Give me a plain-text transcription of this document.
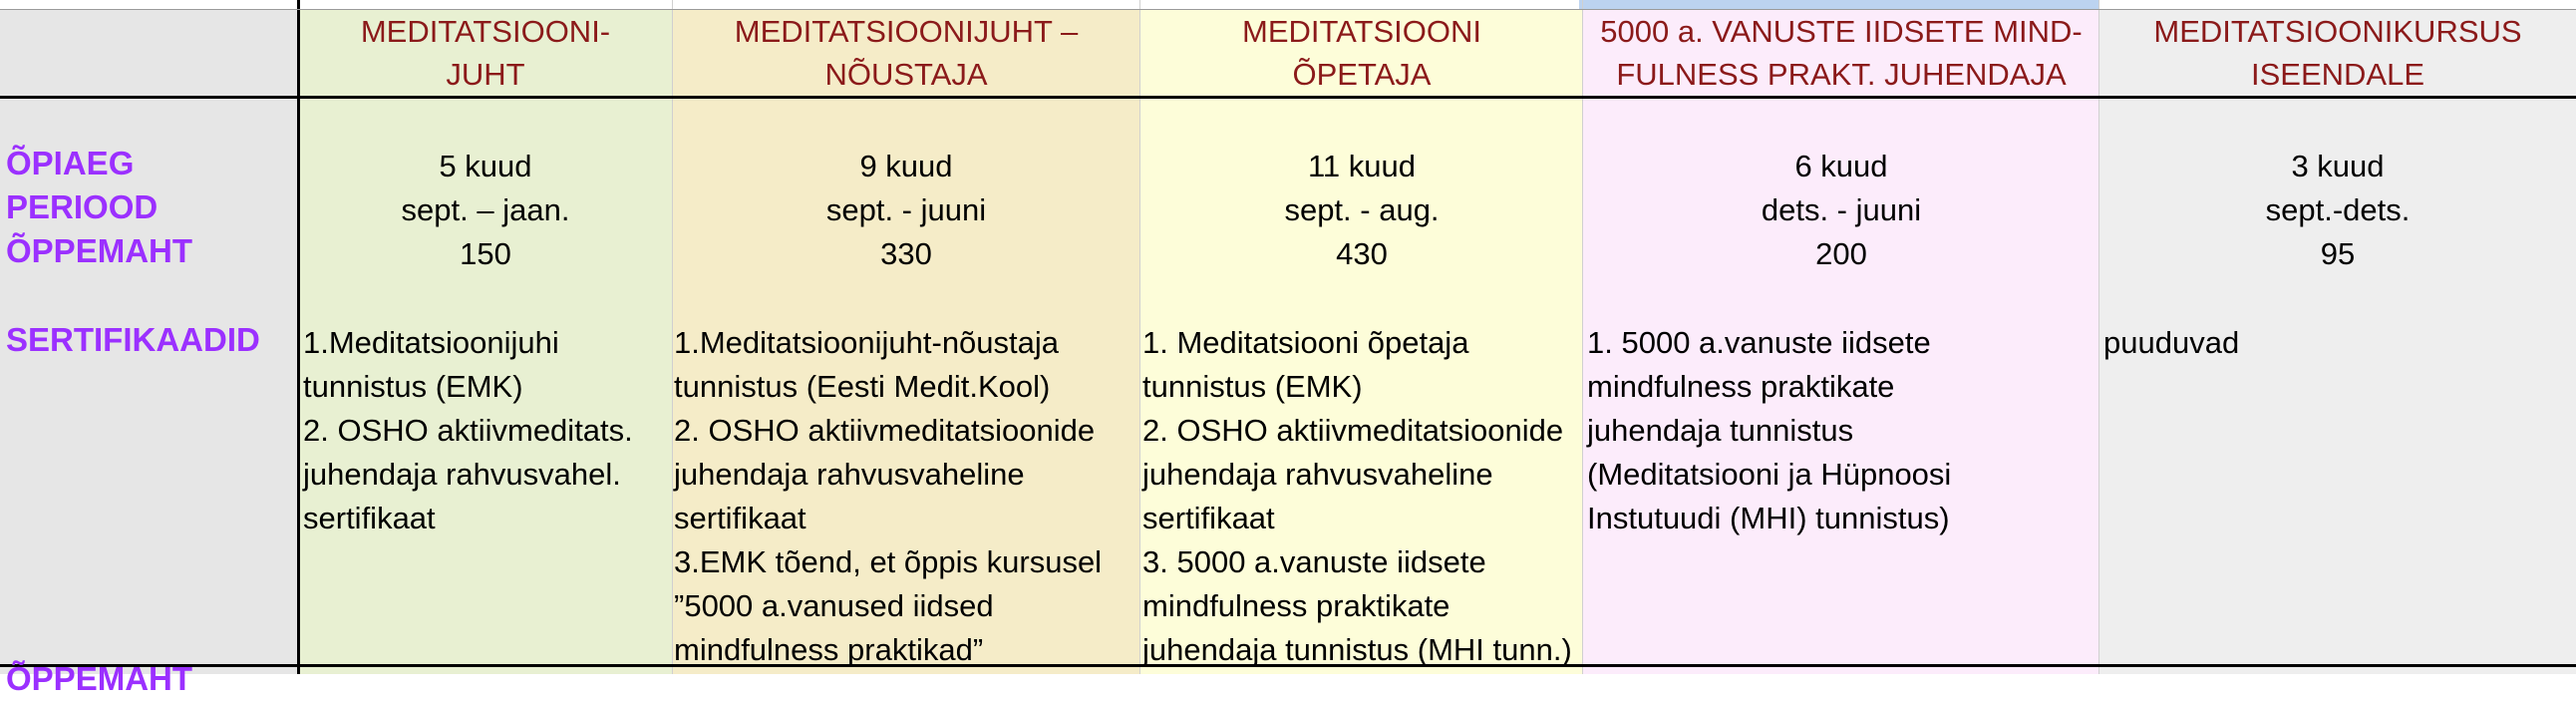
MEDITATSIOONI-
JUHT
MEDITATSIOONIJUHT –
NÕUSTAJA
MEDITATSIOONI
ÕPETAJA
5000 a. VANUSTE IIDSETE MIND-
FULNESS PRAKT. JUHENDAJA
MEDITATSIOONIKURSUS
ISEENDALE
ÕPIAEG
PERIOOD
ÕPPEMAHT
SERTIFIKAADID
ÕPPEMAHT
5 kuud
sept. – jaan.
150
1.Meditatsioonijuhi
tunnistus (EMK)
2. OSHO aktiivmeditats.
juhendaja rahvusvahel.
sertifikaat
9 kuud
sept. - juuni
330
1.Meditatsioonijuht-nõustaja
tunnistus (Eesti Medit.Kool)
2. OSHO aktiivmeditatsioonide
juhendaja rahvusvaheline
sertifikaat
3.EMK tõend, et õppis kursusel
”5000 a.vanused iidsed
mindfulness praktikad”
11 kuud
sept. - aug.
430
1. Meditatsiooni õpetaja
tunnistus (EMK)
2. OSHO aktiivmeditatsioonide
juhendaja rahvusvaheline
sertifikaat
3. 5000 a.vanuste iidsete
mindfulness praktikate
juhendaja tunnistus (MHI tunn.)
6 kuud
dets. - juuni
200
1. 5000 a.vanuste iidsete
mindfulness praktikate
juhendaja tunnistus
(Meditatsiooni ja Hüpnoosi
Instutuudi (MHI) tunnistus)
3 kuud
sept.-dets.
95
puuduvad
